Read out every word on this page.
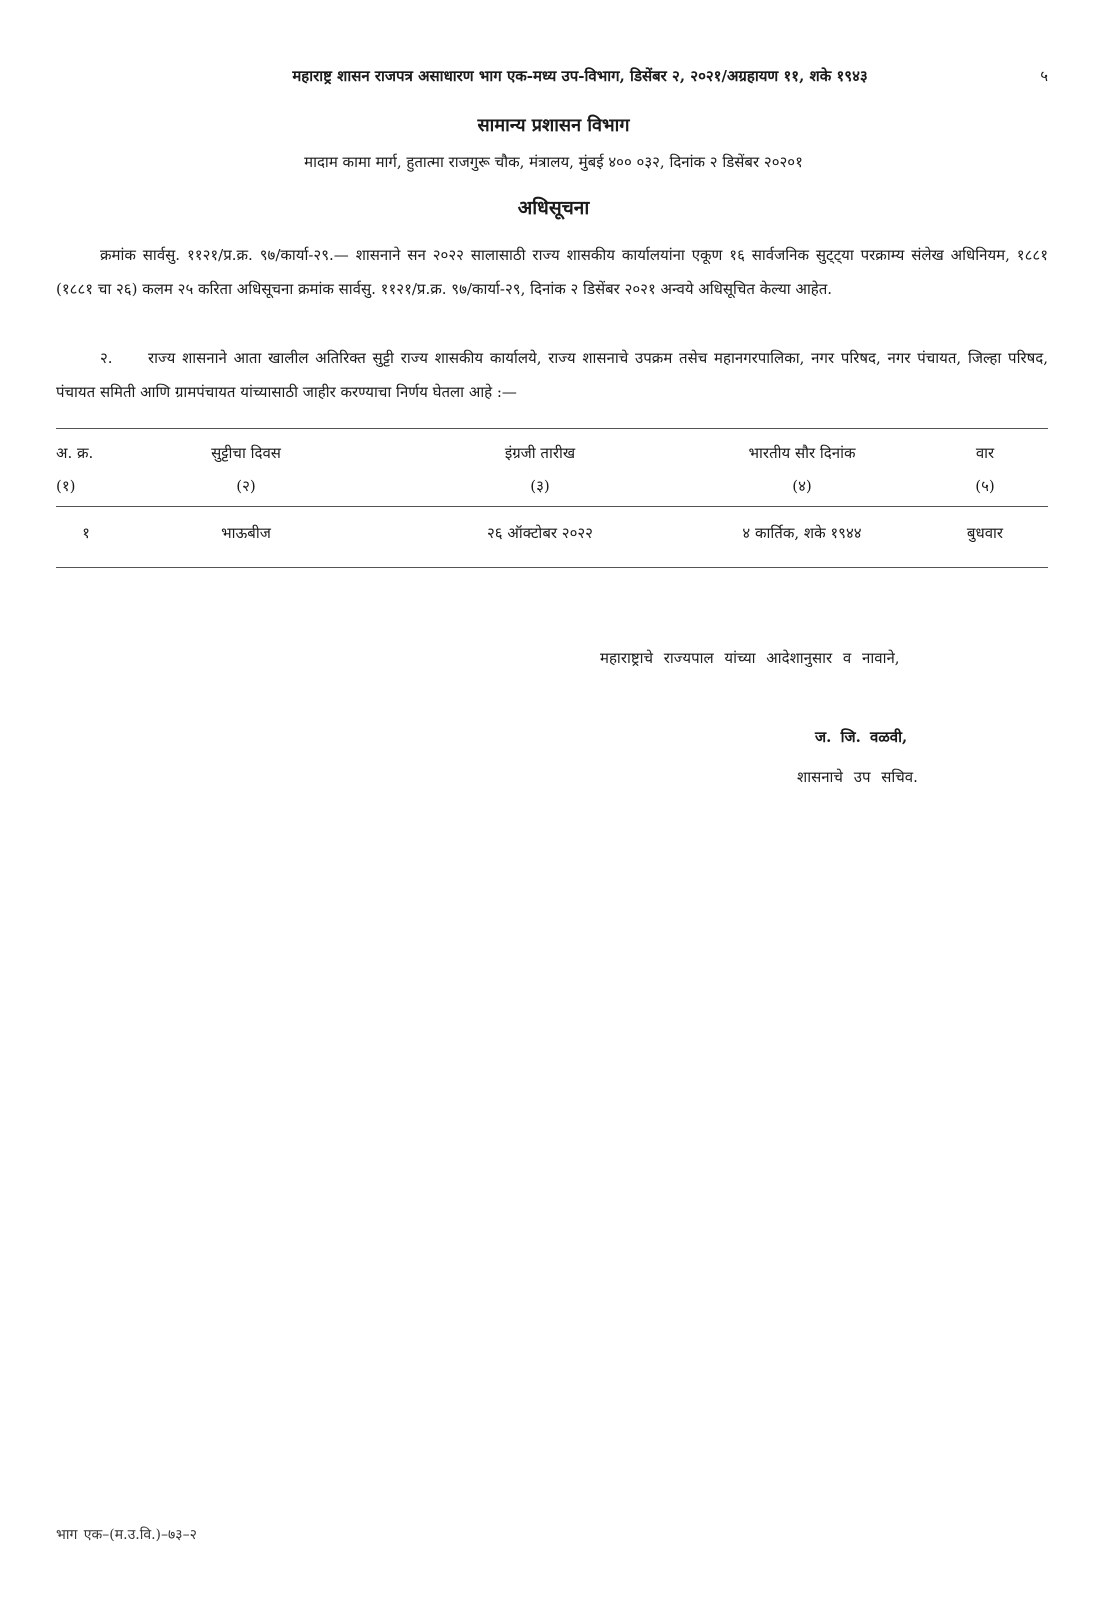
महाराष्ट्र शासन राजपत्र असाधारण भाग एक-मध्य उप-विभाग, डिसेंबर २, २०२१/अग्रहायण ११, शके १९४३	५
सामान्य प्रशासन विभाग
मादाम कामा मार्ग, हुतात्मा राजगुरू चौक, मंत्रालय, मुंबई ४०० ०३२, दिनांक २ डिसेंबर २०२०१
अधिसूचना
क्रमांक सार्वसु. ११२१/प्र.क्र. ९७/कार्या-२९.— शासनाने सन २०२२ सालासाठी राज्य शासकीय कार्यालयांना एकूण १६ सार्वजनिक सुट्ट्या परक्राम्य संलेख अधिनियम, १८८१ (१८८१ चा २६) कलम २५ करिता अधिसूचना क्रमांक सार्वसु. ११२१/प्र.क्र. ९७/कार्या-२९, दिनांक २ डिसेंबर २०२१ अन्वये अधिसूचित केल्या आहेत.
२. राज्य शासनाने आता खालील अतिरिक्त सुट्टी राज्य शासकीय कार्यालये, राज्य शासनाचे उपक्रम तसेच महानगरपालिका, नगर परिषद, नगर पंचायत, जिल्हा परिषद, पंचायत समिती आणि ग्रामपंचायत यांच्यासाठी जाहीर करण्याचा निर्णय घेतला आहे :—
अ. क्र.	सुट्टीचा दिवस	इंग्रजी तारीख	भारतीय सौर दिनांक	वार
(१)	(२)	(३)	(४)	(५)
१	भाऊबीज	२६ ऑक्टोबर २०२२	४ कार्तिक, शके १९४४	बुधवार
महाराष्ट्राचे राज्यपाल यांच्या आदेशानुसार व नावाने,
ज. जि. वळवी,
शासनाचे उप सचिव.
भाग एक–(म.उ.वि.)–७३–२
